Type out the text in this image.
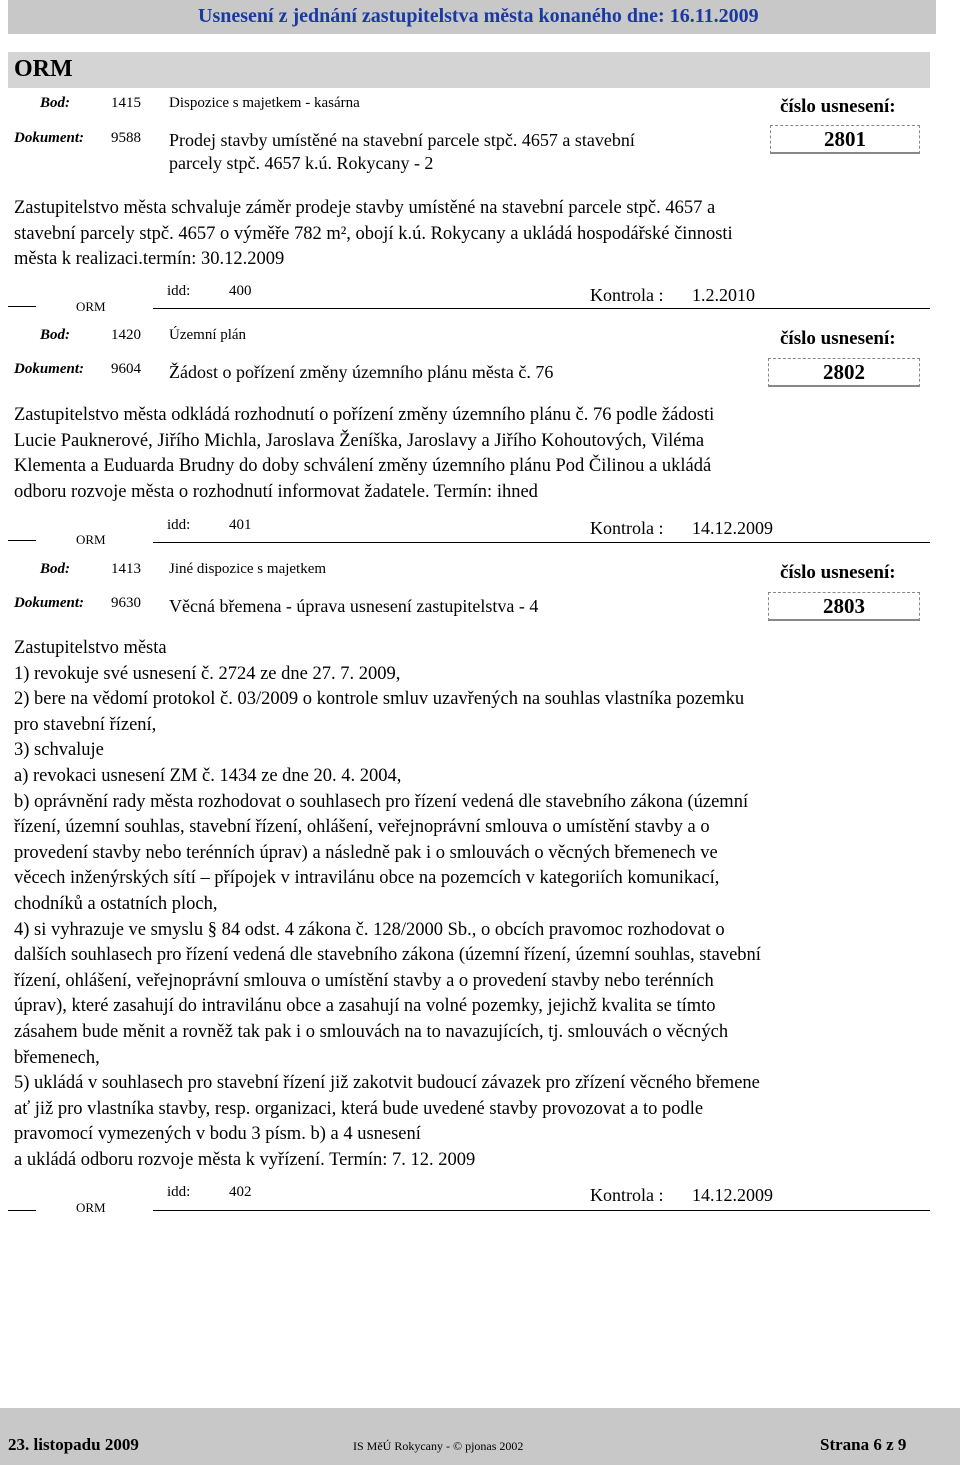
Usnesení z jednání zastupitelstva města konaného dne: 16.11.2009
ORM
Bod:	1415 Dispozice s majetkem - kasárna	číslo usnesení:
Dokument: 9588 Prodej stavby umístěné na stavební parcele stpč. 4657 a stavební
parcely stpč. 4657 k.ú. Rokycany - 2
2801
Zastupitelstvo města schvaluje záměr prodeje stavby umístěné na stavební parcele stpč. 4657 a
stavební parcely stpč. 4657 o výměře 782 m², obojí k.ú. Rokycany a ukládá hospodářské činnosti
města k realizaci.termín: 30.12.2009
ORM
idd:	400	Kontrola : 1.2.2010
Bod:	1420 Územní plán	číslo usnesení:
Dokument: 9604 Žádost o pořízení změny územního plánu města č. 76	2802
Zastupitelstvo města odkládá rozhodnutí o pořízení změny územního plánu č. 76 podle žádosti
Lucie Pauknerové, Jiřího Michla, Jaroslava Ženíška, Jaroslavy a Jiřího Kohoutových, Viléma
Klementa a Euduarda Brudny do doby schválení změny územního plánu Pod Čilinou a ukládá
odboru rozvoje města o rozhodnutí informovat žadatele. Termín: ihned
ORM
idd:	401	Kontrola : 14.12.2009
Bod:	1413 Jiné dispozice s majetkem	číslo usnesení:
Dokument: 9630 Věcná břemena - úprava usnesení zastupitelstva - 4	2803
Zastupitelstvo města
1) revokuje své usnesení č. 2724 ze dne 27. 7. 2009,
2) bere na vědomí protokol č. 03/2009 o kontrole smluv uzavřených na souhlas vlastníka pozemku
pro stavební řízení,
3) schvaluje
a) revokaci usnesení ZM č. 1434 ze dne 20. 4. 2004,
b) oprávnění rady města rozhodovat o souhlasech pro řízení vedená dle stavebního zákona (územní
řízení, územní souhlas, stavební řízení, ohlášení, veřejnoprávní smlouva o umístění stavby a o
provedení stavby nebo terénních úprav) a následně pak i o smlouvách o věcných břemenech ve
věcech inženýrských sítí – přípojek v intravilánu obce na pozemcích v kategoriích komunikací,
chodníků a ostatních ploch,
4) si vyhrazuje ve smyslu § 84 odst. 4 zákona č. 128/2000 Sb., o obcích pravomoc rozhodovat o
dalších souhlasech pro řízení vedená dle stavebního zákona (územní řízení, územní souhlas, stavební
řízení, ohlášení, veřejnoprávní smlouva o umístění stavby a o provedení stavby nebo terénních
úprav), které zasahují do intravilánu obce a zasahují na volné pozemky, jejichž kvalita se tímto
zásahem bude měnit a rovněž tak pak i o smlouvách na to navazujících, tj. smlouvách o věcných
břemenech,
5) ukládá v souhlasech pro stavební řízení již zakotvit budoucí závazek pro zřízení věcného břemene
ať již pro vlastníka stavby, resp. organizaci, která bude uvedené stavby provozovat a to podle
pravomocí vymezených v bodu 3 písm. b) a 4 usnesení
a ukládá odboru rozvoje města k vyřízení. Termín: 7. 12. 2009
ORM
idd:	402	Kontrola : 14.12.2009
23. listopadu 2009	IS MěÚ Rokycany - © pjonas 2002	Strana 6 z 9
